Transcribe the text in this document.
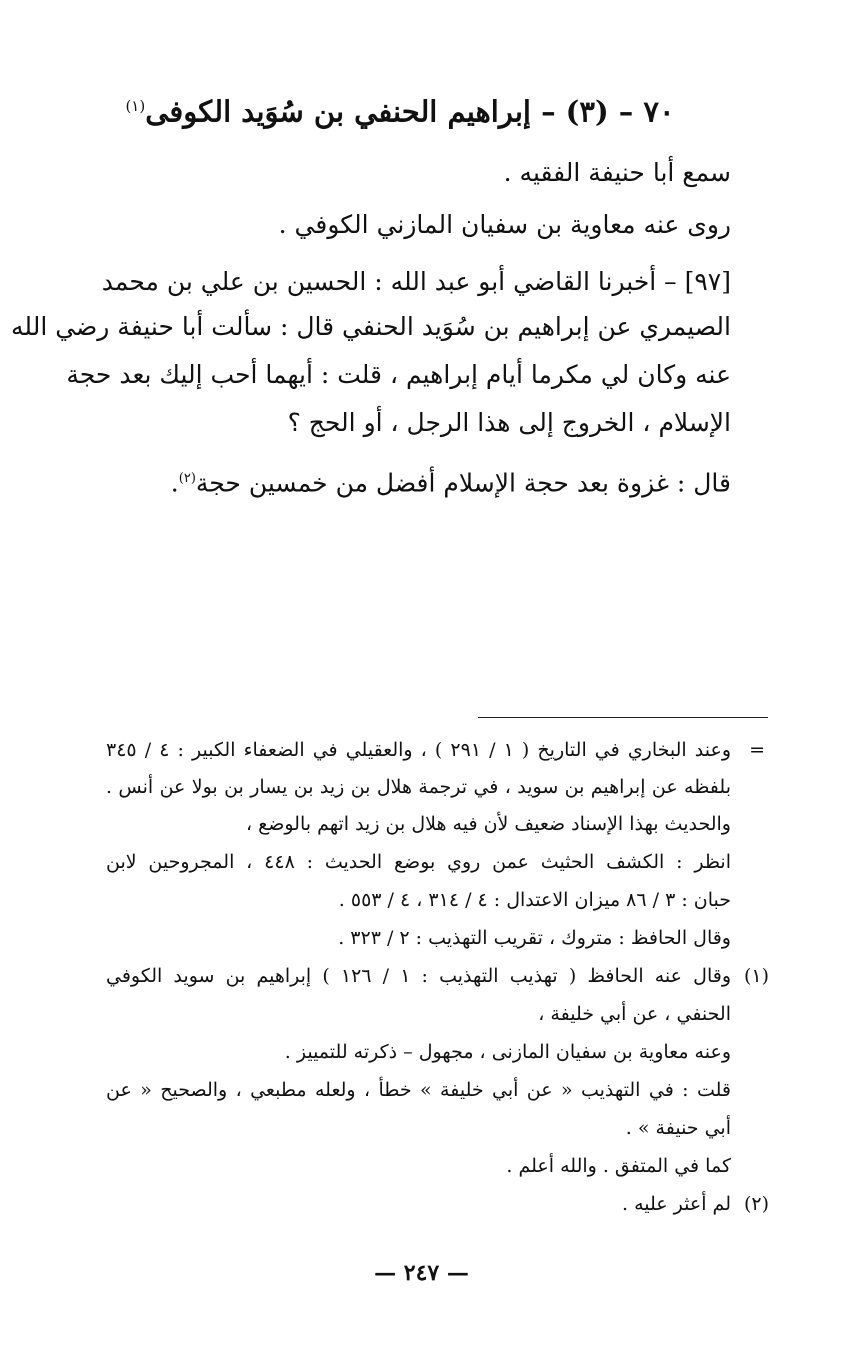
٧٠ – (٣) – إبراهيم الحنفي بن سُوَيد الكوفى$^{(١)}$
سمع أبا حنيفة الفقيه .
روى عنه معاوية بن سفيان المازني الكوفي .
[٩٧] – أخبرنا القاضي أبو عبد الله : الحسين بن علي بن محمد
الصيمري عن إبراهيم بن سُوَيد الحنفي قال : سألت أبا حنيفة رضي الله
عنه وكان لي مكرما أيام إبراهيم ، قلت : أيهما أحب إليك بعد حجة
الإسلام ، الخروج إلى هذا الرجل ، أو الحج ؟
قال : غزوة بعد حجة الإسلام أفضل من خمسين حجة$^{(٢)}$.
=
وعند البخاري في التاريخ ( ١ / ٢٩١ ) ، والعقيلي في الضعفاء الكبير : ٤ / ٣٤٥
بلفظه عن إبراهيم بن سويد ، في ترجمة هلال بن زيد بن يسار بن بولا عن أنس .
والحديث بهذا الإسناد ضعيف لأن فيه هلال بن زيد اتهم بالوضع ،
انظر : الكشف الحثيث عمن روي بوضع الحديث : ٤٤٨ ، المجروحين لابن
حبان : ٣ / ٨٦ ميزان الاعتدال : ٤ / ٣١٤ ، ٤ / ٥٥٣ .
وقال الحافظ : متروك ، تقريب التهذيب : ٢ / ٣٢٣ .
(١)
وقال عنه الحافظ ( تهذيب التهذيب : ١ / ١٢٦ ) إبراهيم بن سويد الكوفي
الحنفي ، عن أبي خليفة ،
وعنه معاوية بن سفيان المازنى ، مجهول – ذكرته للتمييز .
قلت : في التهذيب « عن أبي خليفة » خطأ ، ولعله مطبعي ، والصحيح « عن
أبي حنيفة » .
كما في المتفق . والله أعلم .
(٢)
لم أعثر عليه .
— ٢٤٧ —
